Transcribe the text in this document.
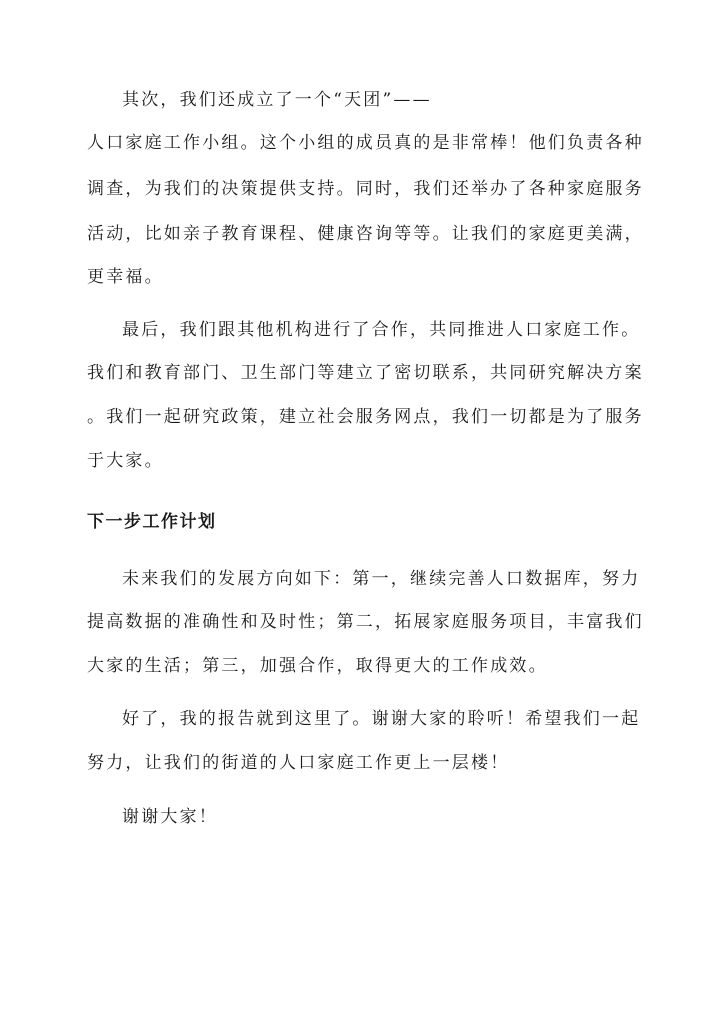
其次，我们还成立了一个“天团”——
人口家庭工作小组。这个小组的成员真的是非常棒！他们负责各种
调查，为我们的决策提供支持。同时，我们还举办了各种家庭服务
活动，比如亲子教育课程、健康咨询等等。让我们的家庭更美满，
更幸福。
最后，我们跟其他机构进行了合作，共同推进人口家庭工作。
我们和教育部门、卫生部门等建立了密切联系，共同研究解决方案
。我们一起研究政策，建立社会服务网点，我们一切都是为了服务
于大家。
下一步工作计划
未来我们的发展方向如下：第一，继续完善人口数据库，努力
提高数据的准确性和及时性；第二，拓展家庭服务项目，丰富我们
大家的生活；第三，加强合作，取得更大的工作成效。
好了，我的报告就到这里了。谢谢大家的聆听！希望我们一起
努力，让我们的街道的人口家庭工作更上一层楼！
谢谢大家！
